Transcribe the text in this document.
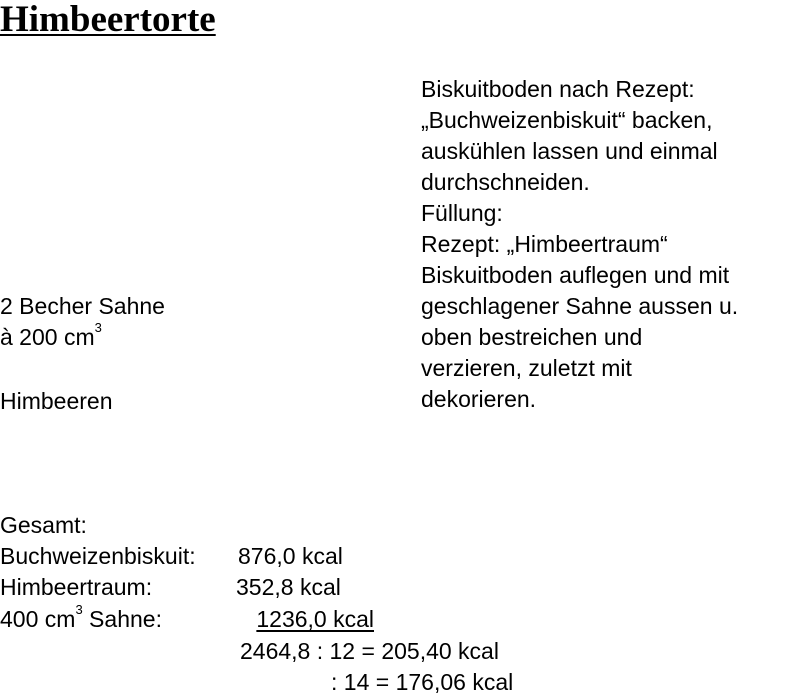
Himbeertorte
Biskuitboden nach Rezept:
„Buchweizenbiskuit“ backen,
auskühlen lassen und einmal
durchschneiden.
Füllung:
Rezept: „Himbeertraum“
Biskuitboden auflegen und mit
geschlagener Sahne aussen u.
oben bestreichen und
verzieren, zuletzt mit
dekorieren.
2 Becher Sahne
à 200 $cm^3$
Himbeeren
Gesamt:
Buchweizenbiskuit: 876,0 kcal
Himbeertraum:	352,8 kcal
400 $cm^3$ Sahne:	1236,0 kcal
2464,8 : 12 = 205,40 kcal
: 14 = 176,06 kcal
